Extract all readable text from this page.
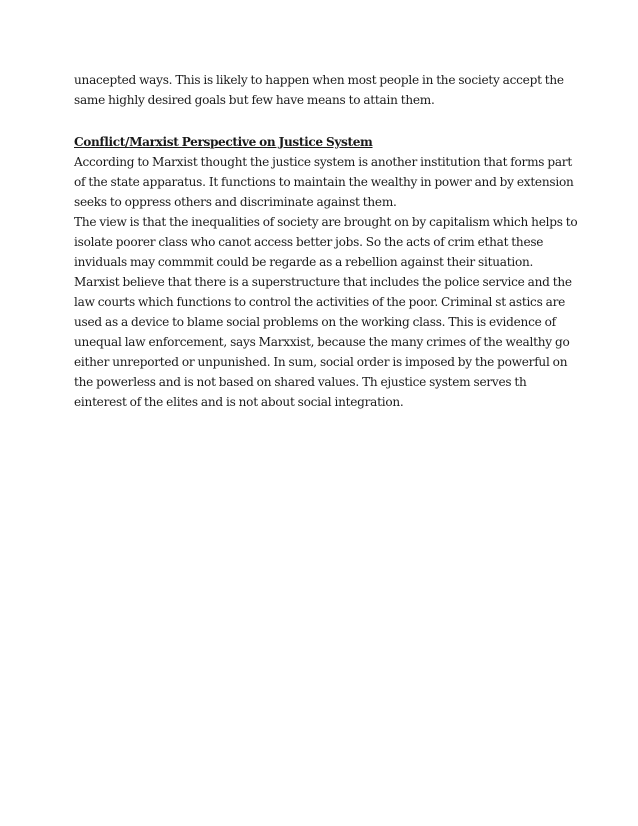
unacepted ways. This is likely to happen when most people in the society accept the
same highly desired goals but few have means to attain them.
Conflict/Marxist Perspective on Justice System
According to Marxist thought the justice system is another institution that forms part
of the state apparatus. It functions to maintain the wealthy in power and by extension
seeks to oppress others and discriminate against them.
The view is that the inequalities of society are brought on by capitalism which helps to
isolate poorer class who canot access better jobs. So the acts of crim ethat these
inviduals may commmit could be regarde as a rebellion against their situation.
Marxist believe that there is a superstructure that includes the police service and the
law courts which functions to control the activities of the poor. Criminal st astics are
used as a device to blame social problems on the working class. This is evidence of
unequal law enforcement, says Marxxist, because the many crimes of the wealthy go
either unreported or unpunished. In sum, social order is imposed by the powerful on
the powerless and is not based on shared values. Th ejustice system serves th
einterest of the elites and is not about social integration.
